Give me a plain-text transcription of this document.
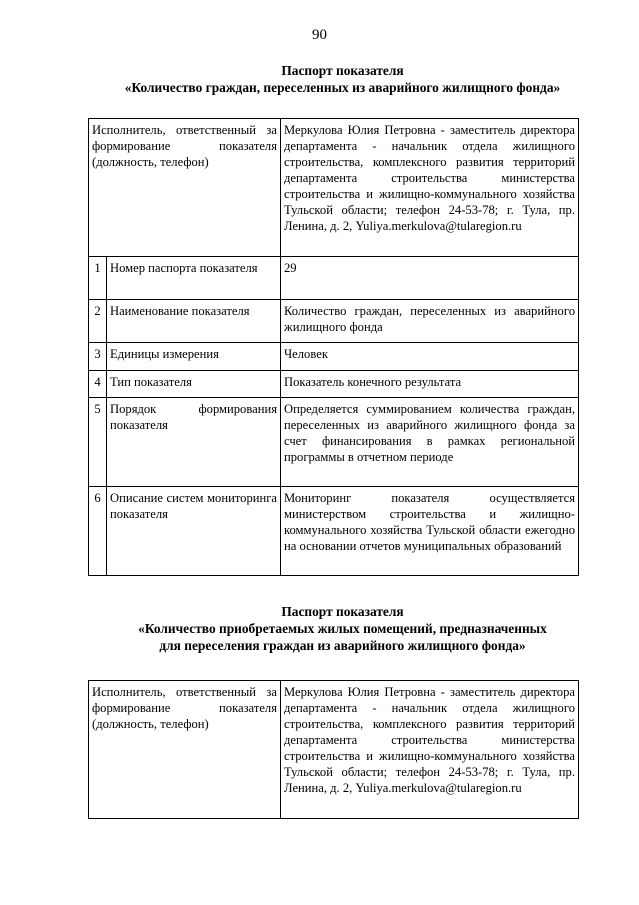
90
Паспорт показателя
«Количество граждан, переселенных из аварийного жилищного фонда»
Исполнитель, ответственный за формирование показателя (должность, телефон)		Меркулова Юлия Петровна - заместитель директора департамента - начальник отдела жилищного строительства, комплексного развития территорий департамента строительства министерства строительства и жилищно-коммунального хозяйства Тульской области; телефон 24-53-78; г. Тула, пр. Ленина, д. 2, Yuliya.merkulova@tularegion.ru
1	Номер паспорта показателя	29
2	Наименование показателя	Количество граждан, переселенных из аварийного жилищного фонда
3	Единицы измерения	Человек
4	Тип показателя	Показатель конечного результата
5	Порядок формирования показателя	Определяется суммированием количества граждан, переселенных из аварийного жилищного фонда за счет финансирования в рамках региональной программы в отчетном периоде
6	Описание систем мониторинга показателя	Мониторинг показателя осуществляется министерством строительства и жилищно-коммунального хозяйства Тульской области ежегодно на основании отчетов муниципальных образований
Паспорт показателя
«Количество приобретаемых жилых помещений, предназначенных
для переселения граждан из аварийного жилищного фонда»
Исполнитель, ответственный за формирование показателя (должность, телефон)	Меркулова Юлия Петровна - заместитель директора департамента - начальник отдела жилищного строительства, комплексного развития территорий департамента строительства министерства строительства и жилищно-коммунального хозяйства Тульской области; телефон 24-53-78; г. Тула, пр. Ленина, д. 2, Yuliya.merkulova@tularegion.ru
